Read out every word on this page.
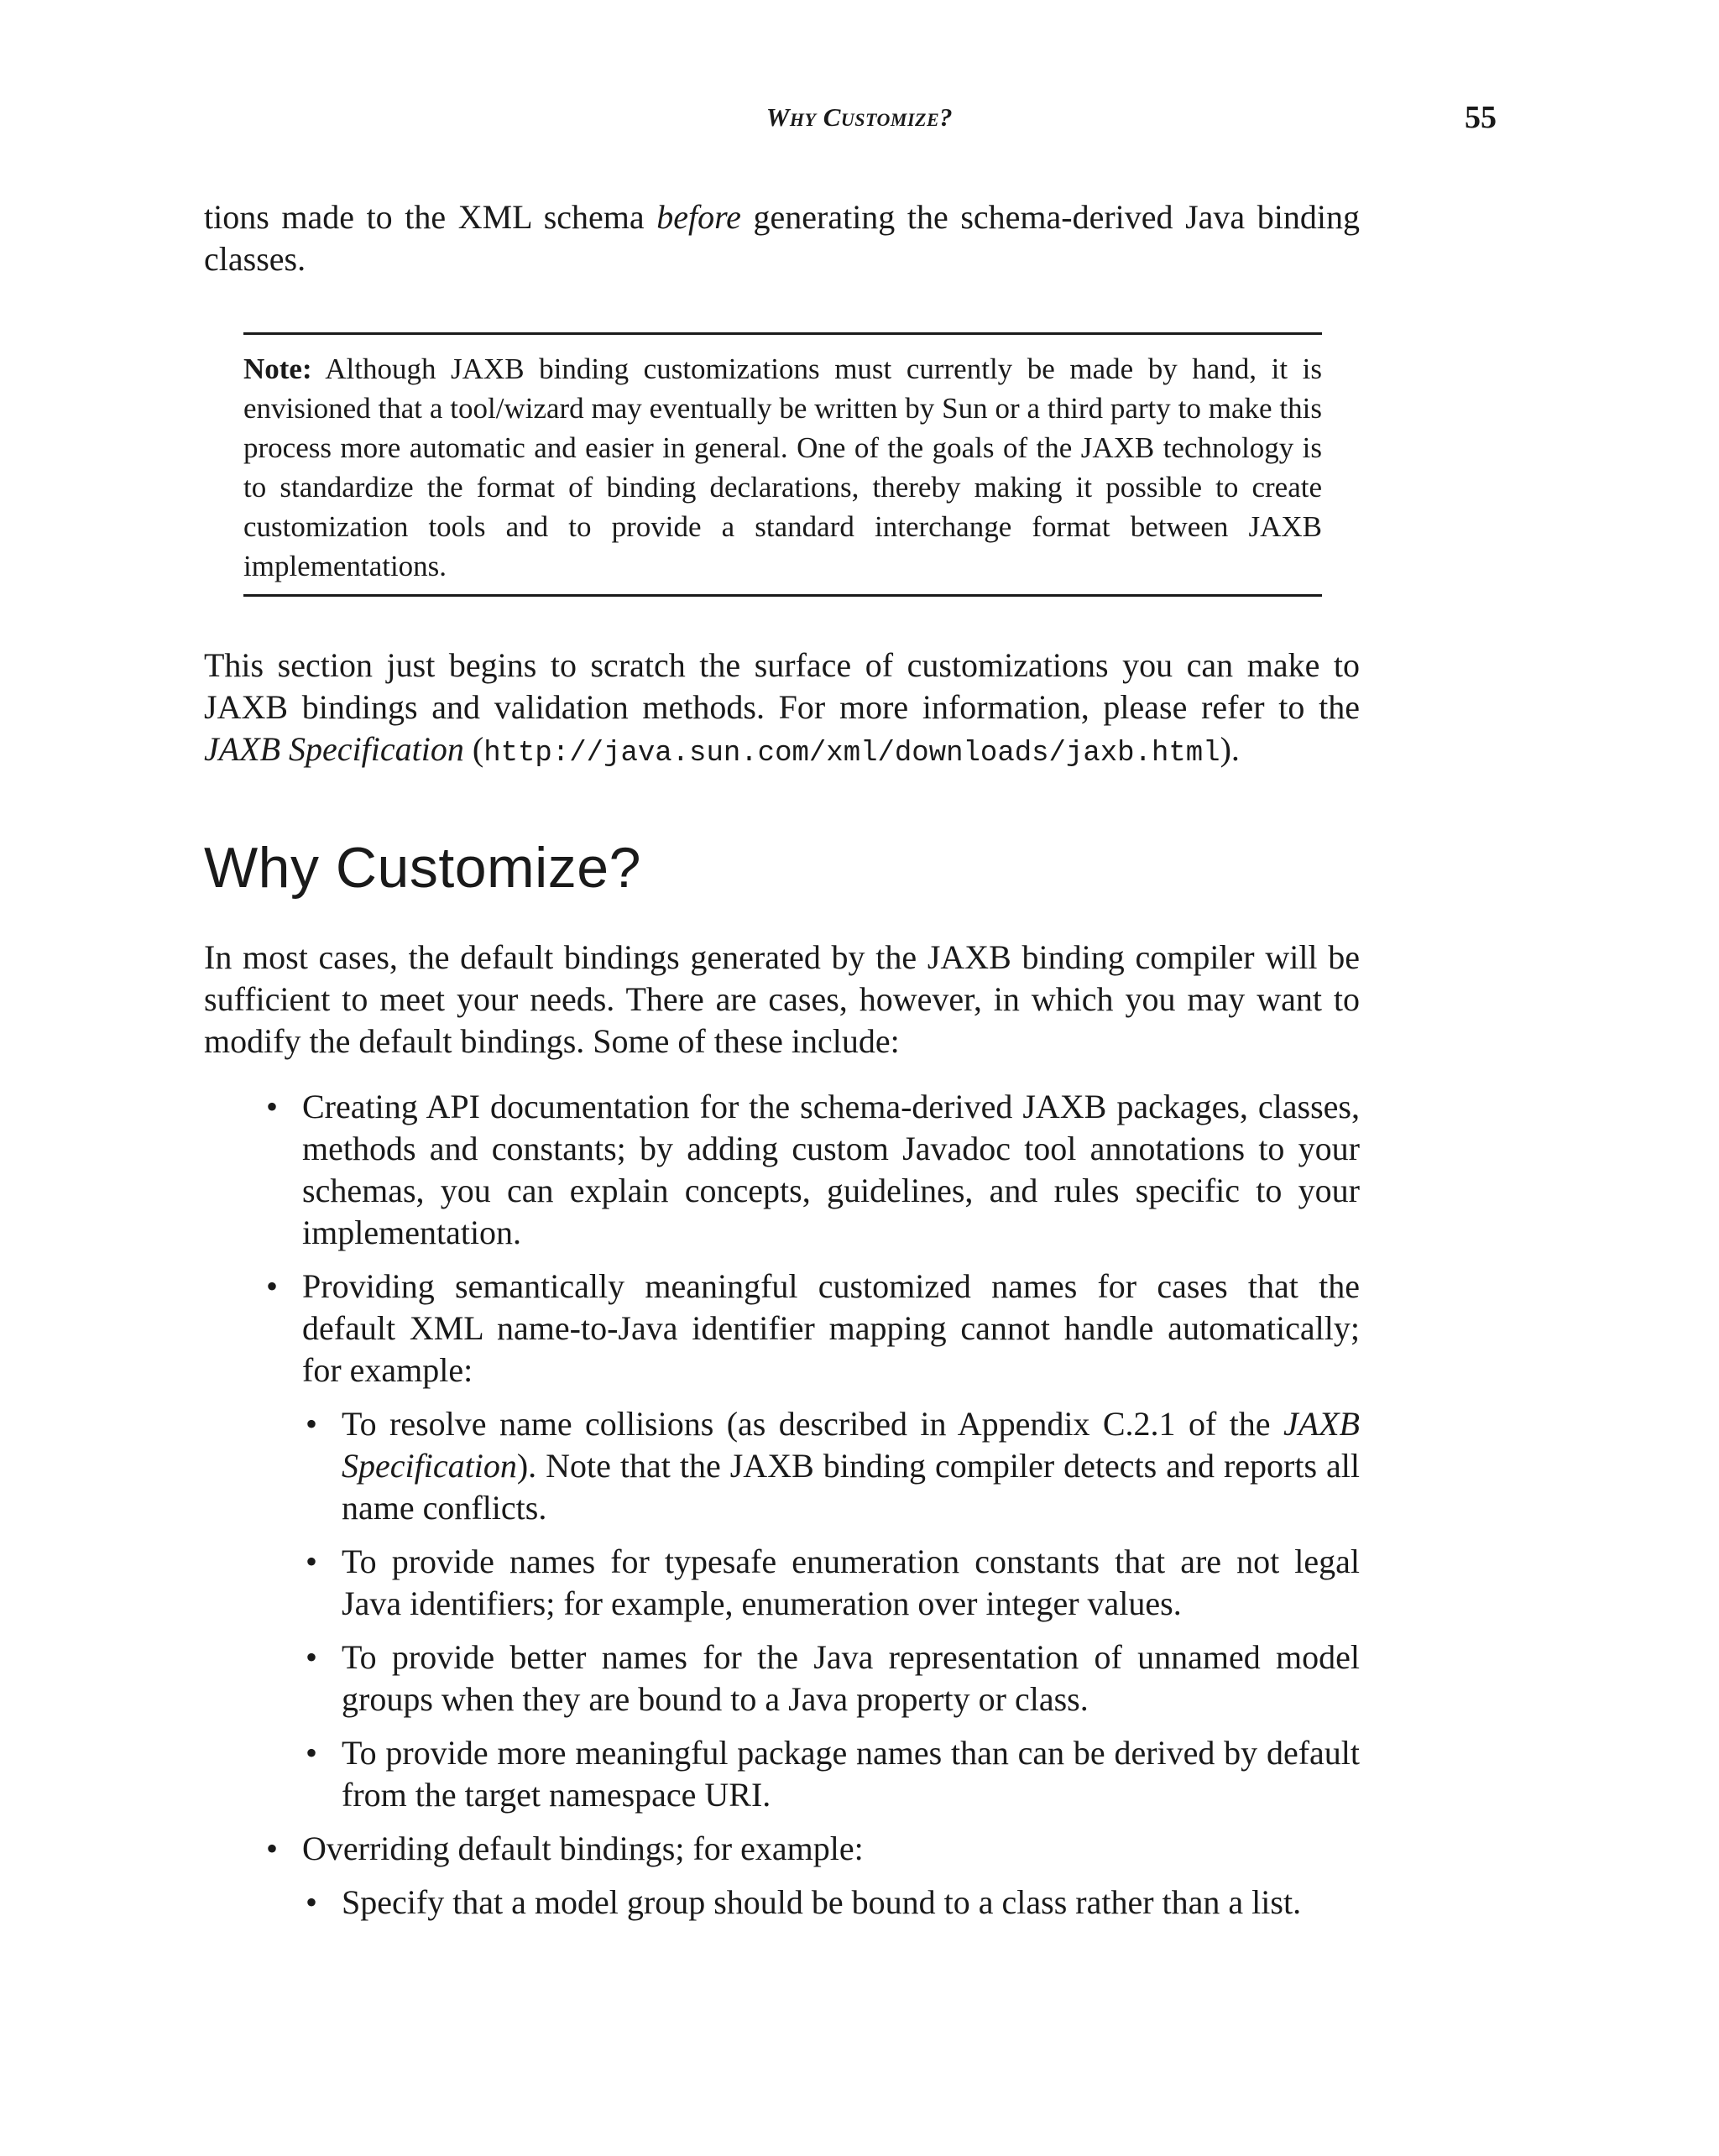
Why Customize?	55

tions made to the XML schema before generating the schema-derived Java binding classes.

Note: Although JAXB binding customizations must currently be made by hand, it is envisioned that a tool/wizard may eventually be written by Sun or a third party to make this process more automatic and easier in general. One of the goals of the JAXB technology is to standardize the format of binding declarations, thereby making it possible to create customization tools and to provide a standard interchange format between JAXB implementations.

This section just begins to scratch the surface of customizations you can make to JAXB bindings and validation methods. For more information, please refer to the JAXB Specification (http://java.sun.com/xml/downloads/jaxb.html).

Why Customize?

In most cases, the default bindings generated by the JAXB binding compiler will be sufficient to meet your needs. There are cases, however, in which you may want to modify the default bindings. Some of these include:

• Creating API documentation for the schema-derived JAXB packages, classes, methods and constants; by adding custom Javadoc tool annotations to your schemas, you can explain concepts, guidelines, and rules specific to your implementation.
• Providing semantically meaningful customized names for cases that the default XML name-to-Java identifier mapping cannot handle automatically; for example:
• To resolve name collisions (as described in Appendix C.2.1 of the JAXB Specification). Note that the JAXB binding compiler detects and reports all name conflicts.
• To provide names for typesafe enumeration constants that are not legal Java identifiers; for example, enumeration over integer values.
• To provide better names for the Java representation of unnamed model groups when they are bound to a Java property or class.
• To provide more meaningful package names than can be derived by default from the target namespace URI.
• Overriding default bindings; for example:
• Specify that a model group should be bound to a class rather than a list.
